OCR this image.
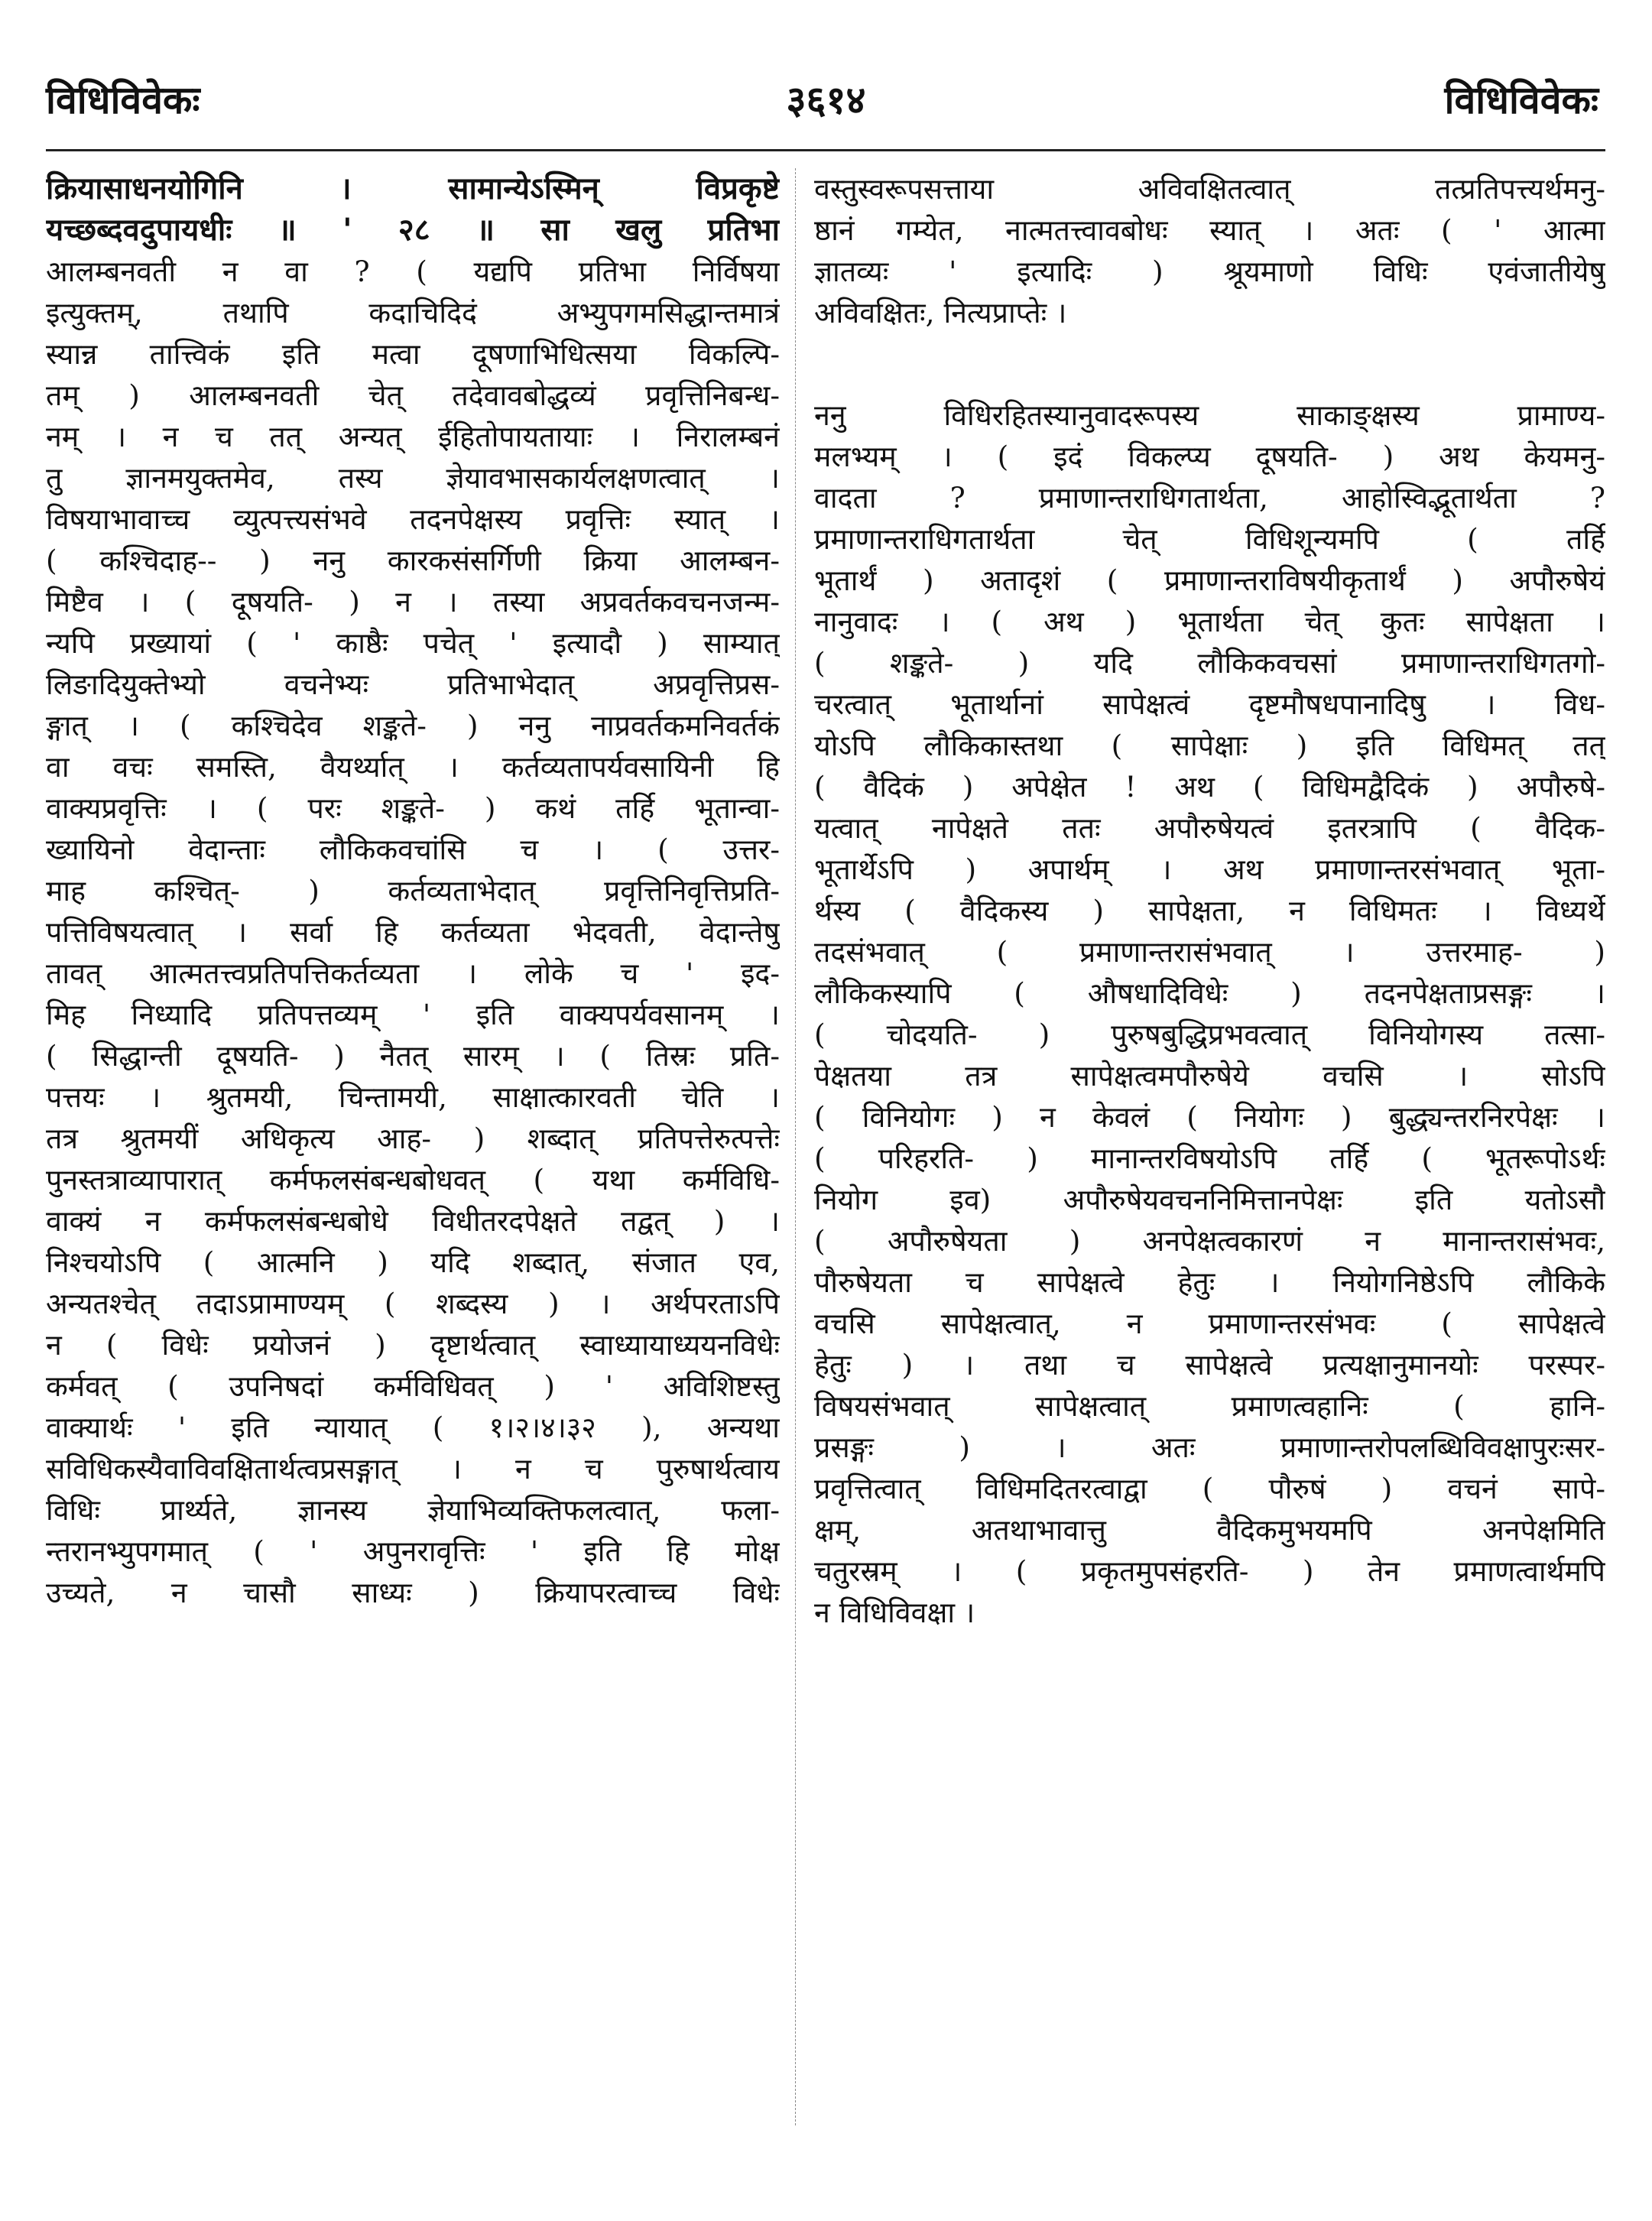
विधिविवेकः	३६१४	विधिविवेकः
क्रियासाधनयोगिनि । सामान्येऽस्मिन् विप्रकृष्टे
यच्छब्दवदुपायधीः ॥ ' २८ ॥ सा खलु प्रतिभा
आलम्बनवती न वा ? ( यद्यपि प्रतिभा निर्विषया
इत्युक्तम्, तथापि कदाचिदिदं अभ्युपगमसिद्धान्तमात्रं
स्यान्न तात्त्विकं इति मत्वा दूषणाभिधित्सया विकल्पि-
तम् ) आलम्बनवती चेत् तदेवावबोद्धव्यं प्रवृत्तिनिबन्ध-
नम् । न च तत् अन्यत् ईहितोपायतायाः । निरालम्बनं
तु ज्ञानमयुक्तमेव, तस्य ज्ञेयावभासकार्यलक्षणत्वात् ।
विषयाभावाच्च व्युत्पत्त्यसंभवे तदनपेक्षस्य प्रवृत्तिः स्यात् ।
( कश्चिदाह-- ) ननु कारकसंसर्गिणी क्रिया आलम्बन-
मिष्टैव । ( दूषयति- ) न । तस्या अप्रवर्तकवचनजन्म-
न्यपि प्रख्यायां ( ' काष्ठैः पचेत् ' इत्यादौ ) साम्यात्
लिङादियुक्तेभ्यो वचनेभ्यः प्रतिभाभेदात् अप्रवृत्तिप्रस-
ङ्गात् । ( कश्चिदेव शङ्कते- ) ननु नाप्रवर्तकमनिवर्तकं
वा वचः समस्ति, वैयर्थ्यात् । कर्तव्यतापर्यवसायिनी हि
वाक्यप्रवृत्तिः । ( परः शङ्कते- ) कथं तर्हि भूतान्वा-
ख्यायिनो वेदान्ताः लौकिकवचांसि च । ( उत्तर-
माह कश्चित्- ) कर्तव्यताभेदात् प्रवृत्तिनिवृत्तिप्रति-
पत्तिविषयत्वात् । सर्वा हि कर्तव्यता भेदवती, वेदान्तेषु
तावत् आत्मतत्त्वप्रतिपत्तिकर्तव्यता । लोके च ' इद-
मिह निध्यादि प्रतिपत्तव्यम् ' इति वाक्यपर्यवसानम् ।
( सिद्धान्ती दूषयति- ) नैतत् सारम् । ( तिस्रः प्रति-
पत्तयः । श्रुतमयी, चिन्तामयी, साक्षात्कारवती चेति ।
तत्र श्रुतमयीं अधिकृत्य आह- ) शब्दात् प्रतिपत्तेरुत्पत्तेः
पुनस्तत्राव्यापारात् कर्मफलसंबन्धबोधवत् ( यथा कर्मविधि-
वाक्यं न कर्मफलसंबन्धबोधे विधीतरदपेक्षते तद्वत् ) ।
निश्चयोऽपि ( आत्मनि ) यदि शब्दात्, संजात एव,
अन्यतश्चेत् तदाऽप्रामाण्यम् ( शब्दस्य ) । अर्थपरताऽपि
न ( विधेः प्रयोजनं ) दृष्टार्थत्वात् स्वाध्यायाध्ययनविधेः
कर्मवत् ( उपनिषदां कर्मविधिवत् ) ' अविशिष्टस्तु
वाक्यार्थः ' इति न्यायात् ( १।२।४।३२ ), अन्यथा
सविधिकस्यैवाविवक्षितार्थत्वप्रसङ्गात् । न च पुरुषार्थत्वाय
विधिः प्रार्थ्यते, ज्ञानस्य ज्ञेयाभिव्यक्तिफलत्वात्, फला-
न्तरानभ्युपगमात् ( ' अपुनरावृत्तिः ' इति हि मोक्ष
उच्यते, न चासौ साध्यः ) क्रियापरत्वाच्च विधेः
वस्तुस्वरूपसत्ताया अविवक्षितत्वात् तत्प्रतिपत्त्यर्थमनु-
ष्ठानं गम्येत, नात्मतत्त्वावबोधः स्यात् । अतः ( ' आत्मा
ज्ञातव्यः ' इत्यादिः ) श्रूयमाणो विधिः एवंजातीयेषु
अविवक्षितः, नित्यप्राप्तेः ।
ननु विधिरहितस्यानुवादरूपस्य साकाङ्क्षस्य प्रामाण्य-
मलभ्यम् । ( इदं विकल्प्य दूषयति- ) अथ केयमनु-
वादता ? प्रमाणान्तराधिगतार्थता, आहोस्विद्भूतार्थता ?
प्रमाणान्तराधिगतार्थता चेत् विधिशून्यमपि ( तर्हि
भूतार्थं ) अतादृशं ( प्रमाणान्तराविषयीकृतार्थं ) अपौरुषेयं
नानुवादः । ( अथ ) भूतार्थता चेत् कुतः सापेक्षता ।
( शङ्कते- ) यदि लौकिकवचसां प्रमाणान्तराधिगतगो-
चरत्वात् भूतार्थानां सापेक्षत्वं दृष्टमौषधपानादिषु । विध-
योऽपि लौकिकास्तथा ( सापेक्षाः ) इति विधिमत् तत्
( वैदिकं ) अपेक्षेत ! अथ ( विधिमद्वैदिकं ) अपौरुषे-
यत्वात् नापेक्षते ततः अपौरुषेयत्वं इतरत्रापि ( वैदिक-
भूतार्थेऽपि ) अपार्थम् । अथ प्रमाणान्तरसंभवात् भूता-
र्थस्य ( वैदिकस्य ) सापेक्षता, न विधिमतः । विध्यर्थे
तदसंभवात् ( प्रमाणान्तरासंभवात् । उत्तरमाह- )
लौकिकस्यापि ( औषधादिविधेः ) तदनपेक्षताप्रसङ्गः ।
( चोदयति- ) पुरुषबुद्धिप्रभवत्वात् विनियोगस्य तत्सा-
पेक्षतया तत्र सापेक्षत्वमपौरुषेये वचसि । सोऽपि
( विनियोगः ) न केवलं ( नियोगः ) बुद्ध्यन्तरनिरपेक्षः ।
( परिहरति- ) मानान्तरविषयोऽपि तर्हि ( भूतरूपोऽर्थः
नियोग इव) अपौरुषेयवचननिमित्तानपेक्षः इति यतोऽसौ
( अपौरुषेयता ) अनपेक्षत्वकारणं न मानान्तरासंभवः,
पौरुषेयता च सापेक्षत्वे हेतुः । नियोगनिष्ठेऽपि लौकिके
वचसि सापेक्षत्वात्, न प्रमाणान्तरसंभवः ( सापेक्षत्वे
हेतुः ) । तथा च सापेक्षत्वे प्रत्यक्षानुमानयोः परस्पर-
विषयसंभवात् सापेक्षत्वात् प्रमाणत्वहानिः ( हानि-
प्रसङ्गः ) । अतः प्रमाणान्तरोपलब्धिविवक्षापुरःसर-
प्रवृत्तित्वात् विधिमदितरत्वाद्वा ( पौरुषं ) वचनं सापे-
क्षम्, अतथाभावात्तु वैदिकमुभयमपि अनपेक्षमिति
चतुरस्रम् । ( प्रकृतमुपसंहरति- ) तेन प्रमाणत्वार्थमपि
न विधिविवक्षा ।
